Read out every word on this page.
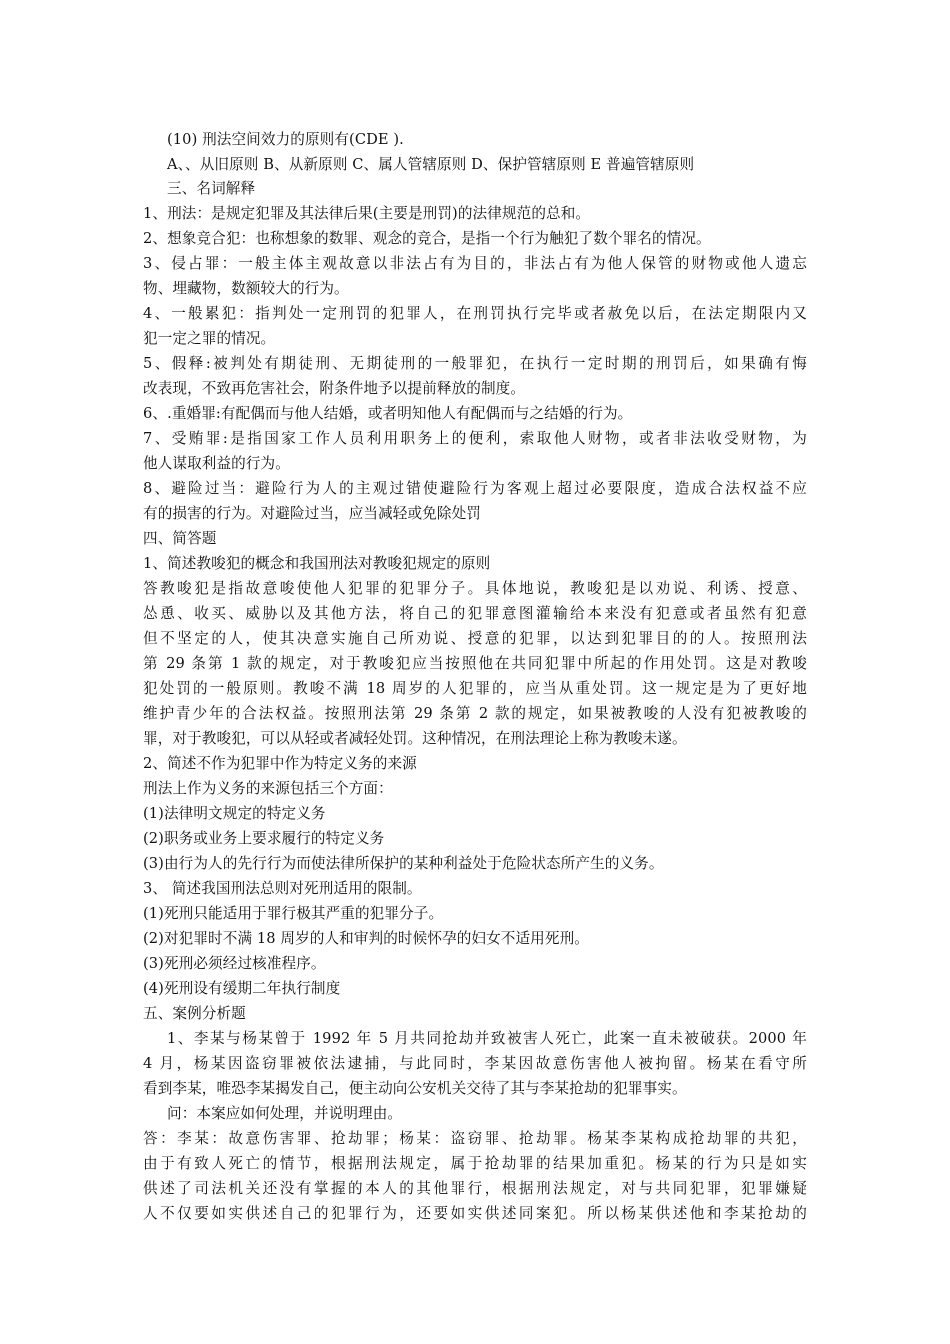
(10) 刑法空间效力的原则有(CDE ).
A、、从旧原则 B、从新原则 C、属人管辖原则 D、保护管辖原则 E 普遍管辖原则
三、名词解释
1、刑法：是规定犯罪及其法律后果(主要是刑罚)的法律规范的总和。
2、想象竞合犯：也称想象的数罪、观念的竞合，是指一个行为触犯了数个罪名的情况。
3、侵占罪：一般主体主观故意以非法占有为目的，非法占有为他人保管的财物或他人遗忘
物、埋藏物，数额较大的行为。
4、一般累犯：指判处一定刑罚的犯罪人，在刑罚执行完毕或者赦免以后，在法定期限内又
犯一定之罪的情况。
5、假释:被判处有期徒刑、无期徒刑的一般罪犯，在执行一定时期的刑罚后，如果确有悔
改表现，不致再危害社会，附条件地予以提前释放的制度。
6、.重婚罪:有配偶而与他人结婚，或者明知他人有配偶而与之结婚的行为。
7、受贿罪:是指国家工作人员利用职务上的便利，索取他人财物，或者非法收受财物，为
他人谋取利益的行为。
8、避险过当：避险行为人的主观过错使避险行为客观上超过必要限度，造成合法权益不应
有的损害的行为。对避险过当，应当减轻或免除处罚
四、简答题
1、简述教唆犯的概念和我国刑法对教唆犯规定的原则
答教唆犯是指故意唆使他人犯罪的犯罪分子。具体地说，教唆犯是以劝说、利诱、授意、
怂恿、收买、威胁以及其他方法，将自己的犯罪意图灌输给本来没有犯意或者虽然有犯意
但不坚定的人，使其决意实施自己所劝说、授意的犯罪，以达到犯罪目的的人。按照刑法
第 29 条第 1 款的规定，对于教唆犯应当按照他在共同犯罪中所起的作用处罚。这是对教唆
犯处罚的一般原则。教唆不满 18 周岁的人犯罪的，应当从重处罚。这一规定是为了更好地
维护青少年的合法权益。按照刑法第 29 条第 2 款的规定，如果被教唆的人没有犯被教唆的
罪，对于教唆犯，可以从轻或者减轻处罚。这种情况，在刑法理论上称为教唆未遂。
2、简述不作为犯罪中作为特定义务的来源
刑法上作为义务的来源包括三个方面：
(1)法律明文规定的特定义务
(2)职务或业务上要求履行的特定义务
(3)由行为人的先行行为而使法律所保护的某种利益处于危险状态所产生的义务。
3、 简述我国刑法总则对死刑适用的限制。
(1)死刑只能适用于罪行极其严重的犯罪分子。
(2)对犯罪时不满 18 周岁的人和审判的时候怀孕的妇女不适用死刑。
(3)死刑必须经过核准程序。
(4)死刑设有缓期二年执行制度
五、案例分析题
1、李某与杨某曾于 1992 年 5 月共同抢劫并致被害人死亡，此案一直未被破获。2000 年
4 月，杨某因盗窃罪被依法逮捕，与此同时，李某因故意伤害他人被拘留。杨某在看守所
看到李某，唯恐李某揭发自己，便主动向公安机关交待了其与李某抢劫的犯罪事实。
问：本案应如何处理，并说明理由。
答：李某：故意伤害罪、抢劫罪；杨某：盗窃罪、抢劫罪。杨某李某构成抢劫罪的共犯，
由于有致人死亡的情节，根据刑法规定，属于抢劫罪的结果加重犯。杨某的行为只是如实
供述了司法机关还没有掌握的本人的其他罪行，根据刑法规定，对与共同犯罪，犯罪嫌疑
人不仅要如实供述自己的犯罪行为，还要如实供述同案犯。所以杨某供述他和李某抢劫的
